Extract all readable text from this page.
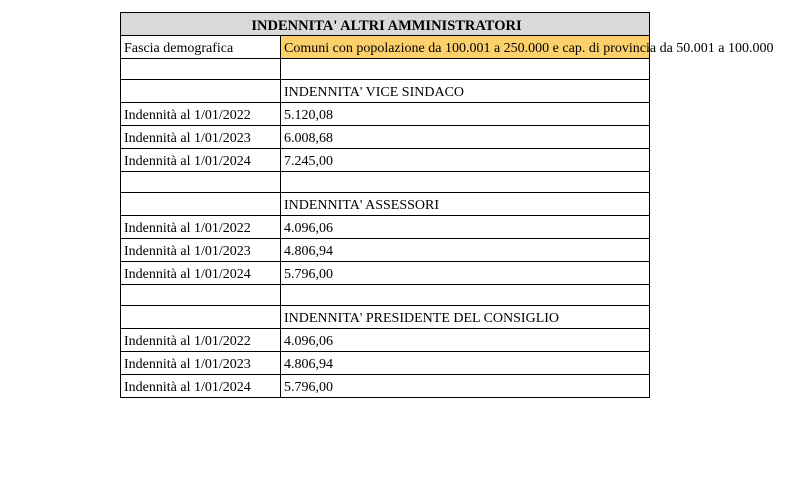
INDENNITA' ALTRI AMMINISTRATORI	
Fascia demografica	Comuni con popolazione da 100.001 a 250.000 e cap. di provincia da 50.001 a 100.000

	INDENNITA' VICE SINDACO
Indennità al 1/01/2022	5.120,08
Indennità al 1/01/2023	6.008,68
Indennità al 1/01/2024	7.245,00

	INDENNITA' ASSESSORI
Indennità al 1/01/2022	4.096,06
Indennità al 1/01/2023	4.806,94
Indennità al 1/01/2024	5.796,00

	INDENNITA' PRESIDENTE DEL CONSIGLIO
Indennità al 1/01/2022	4.096,06
Indennità al 1/01/2023	4.806,94
Indennità al 1/01/2024	5.796,00
